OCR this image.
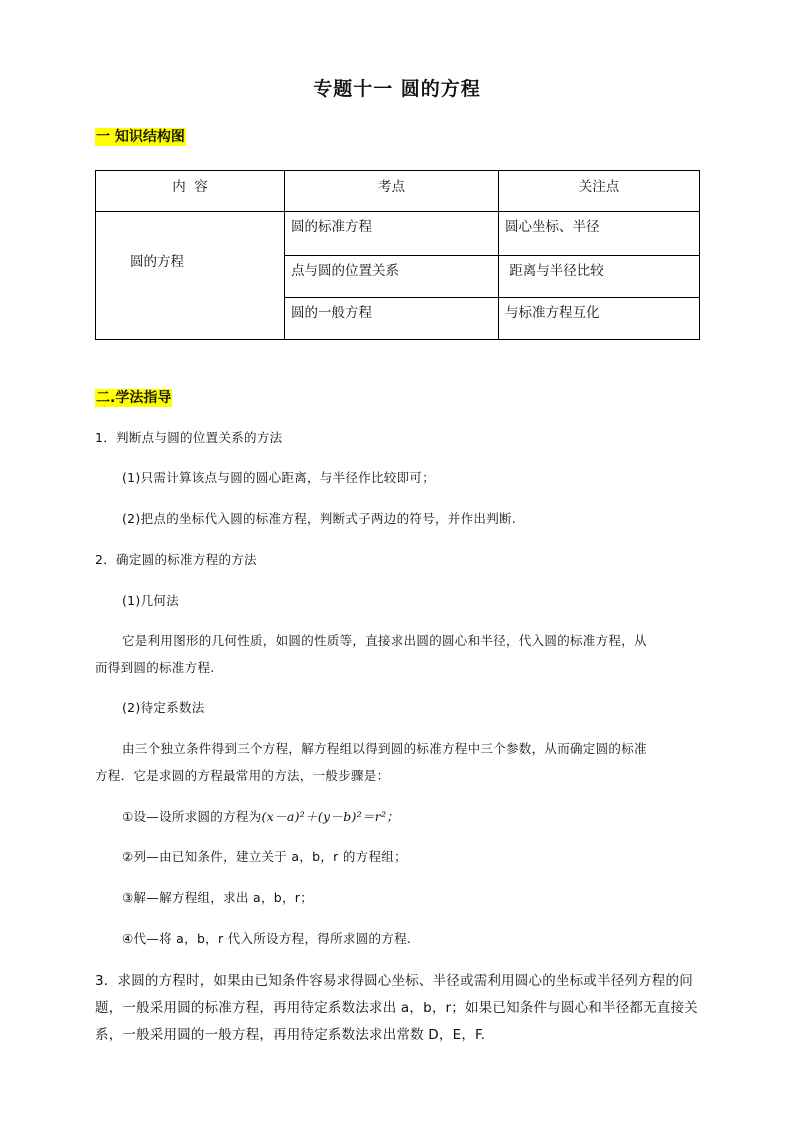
专题十一 圆的方程
一 知识结构图
内  容	考点	关注点
圆的方程	圆的标准方程	圆心坐标、半径
	点与圆的位置关系	距离与半径比较
	圆的一般方程	与标准方程互化
二.学法指导
1．判断点与圆的位置关系的方法
(1)只需计算该点与圆的圆心距离，与半径作比较即可；
(2)把点的坐标代入圆的标准方程，判断式子两边的符号，并作出判断.
2．确定圆的标准方程的方法
(1)几何法
它是利用图形的几何性质，如圆的性质等，直接求出圆的圆心和半径，代入圆的标准方程，从
而得到圆的标准方程.
(2)待定系数法
由三个独立条件得到三个方程，解方程组以得到圆的标准方程中三个参数，从而确定圆的标准
方程．它是求圆的方程最常用的方法，一般步骤是：
①设—设所求圆的方程为(x－a)²＋(y－b)²＝r²；
②列—由已知条件，建立关于 a，b，r 的方程组；
③解—解方程组，求出 a，b，r；
④代—将 a，b，r 代入所设方程，得所求圆的方程.
3．求圆的方程时，如果由已知条件容易求得圆心坐标、半径或需利用圆心的坐标或半径列方程的问
题，一般采用圆的标准方程，再用待定系数法求出 a，b，r；如果已知条件与圆心和半径都无直接关
系，一般采用圆的一般方程，再用待定系数法求出常数 D，E，F.
